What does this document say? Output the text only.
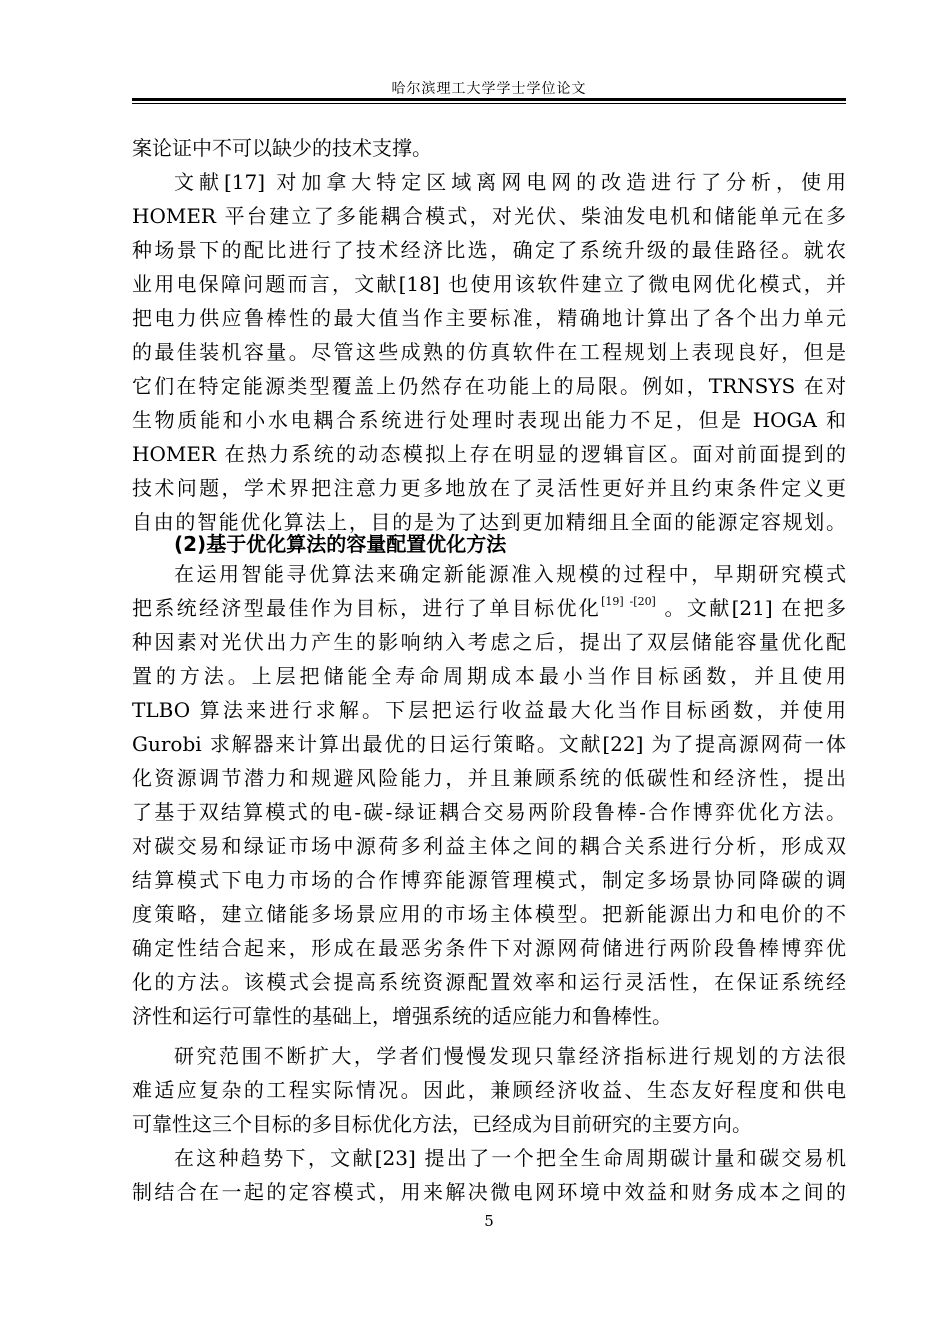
哈尔滨理工大学学士学位论文
案论证中不可以缺少的技术支撑。
文献[17] 对加拿大特定区域离网电网的改造进行了分析，使用
HOMER 平台建立了多能耦合模式，对光伏、柴油发电机和储能单元在多
种场景下的配比进行了技术经济比选，确定了系统升级的最佳路径。就农
业用电保障问题而言，文献[18] 也使用该软件建立了微电网优化模式，并
把电力供应鲁棒性的最大值当作主要标准，精确地计算出了各个出力单元
的最佳装机容量。尽管这些成熟的仿真软件在工程规划上表现良好，但是
它们在特定能源类型覆盖上仍然存在功能上的局限。例如，TRNSYS 在对
生物质能和小水电耦合系统进行处理时表现出能力不足，但是 HOGA 和
HOMER 在热力系统的动态模拟上存在明显的逻辑盲区。面对前面提到的
技术问题，学术界把注意力更多地放在了灵活性更好并且约束条件定义更
自由的智能优化算法上，目的是为了达到更加精细且全面的能源定容规划。
(2)基于优化算法的容量配置优化方法
在运用智能寻优算法来确定新能源准入规模的过程中，早期研究模式
把系统经济型最佳作为目标，进行了单目标优化[19] -[20] 。文献[21] 在把多
种因素对光伏出力产生的影响纳入考虑之后，提出了双层储能容量优化配
置的方法。上层把储能全寿命周期成本最小当作目标函数，并且使用
TLBO 算法来进行求解。下层把运行收益最大化当作目标函数，并使用
Gurobi 求解器来计算出最优的日运行策略。文献[22] 为了提高源网荷一体
化资源调节潜力和规避风险能力，并且兼顾系统的低碳性和经济性，提出
了基于双结算模式的电-碳-绿证耦合交易两阶段鲁棒-合作博弈优化方法。
对碳交易和绿证市场中源荷多利益主体之间的耦合关系进行分析，形成双
结算模式下电力市场的合作博弈能源管理模式，制定多场景协同降碳的调
度策略，建立储能多场景应用的市场主体模型。把新能源出力和电价的不
确定性结合起来，形成在最恶劣条件下对源网荷储进行两阶段鲁棒博弈优
化的方法。该模式会提高系统资源配置效率和运行灵活性，在保证系统经
济性和运行可靠性的基础上，增强系统的适应能力和鲁棒性。
研究范围不断扩大，学者们慢慢发现只靠经济指标进行规划的方法很
难适应复杂的工程实际情况。因此，兼顾经济收益、生态友好程度和供电
可靠性这三个目标的多目标优化方法，已经成为目前研究的主要方向。
在这种趋势下，文献[23] 提出了一个把全生命周期碳计量和碳交易机
制结合在一起的定容模式，用来解决微电网环境中效益和财务成本之间的
5
